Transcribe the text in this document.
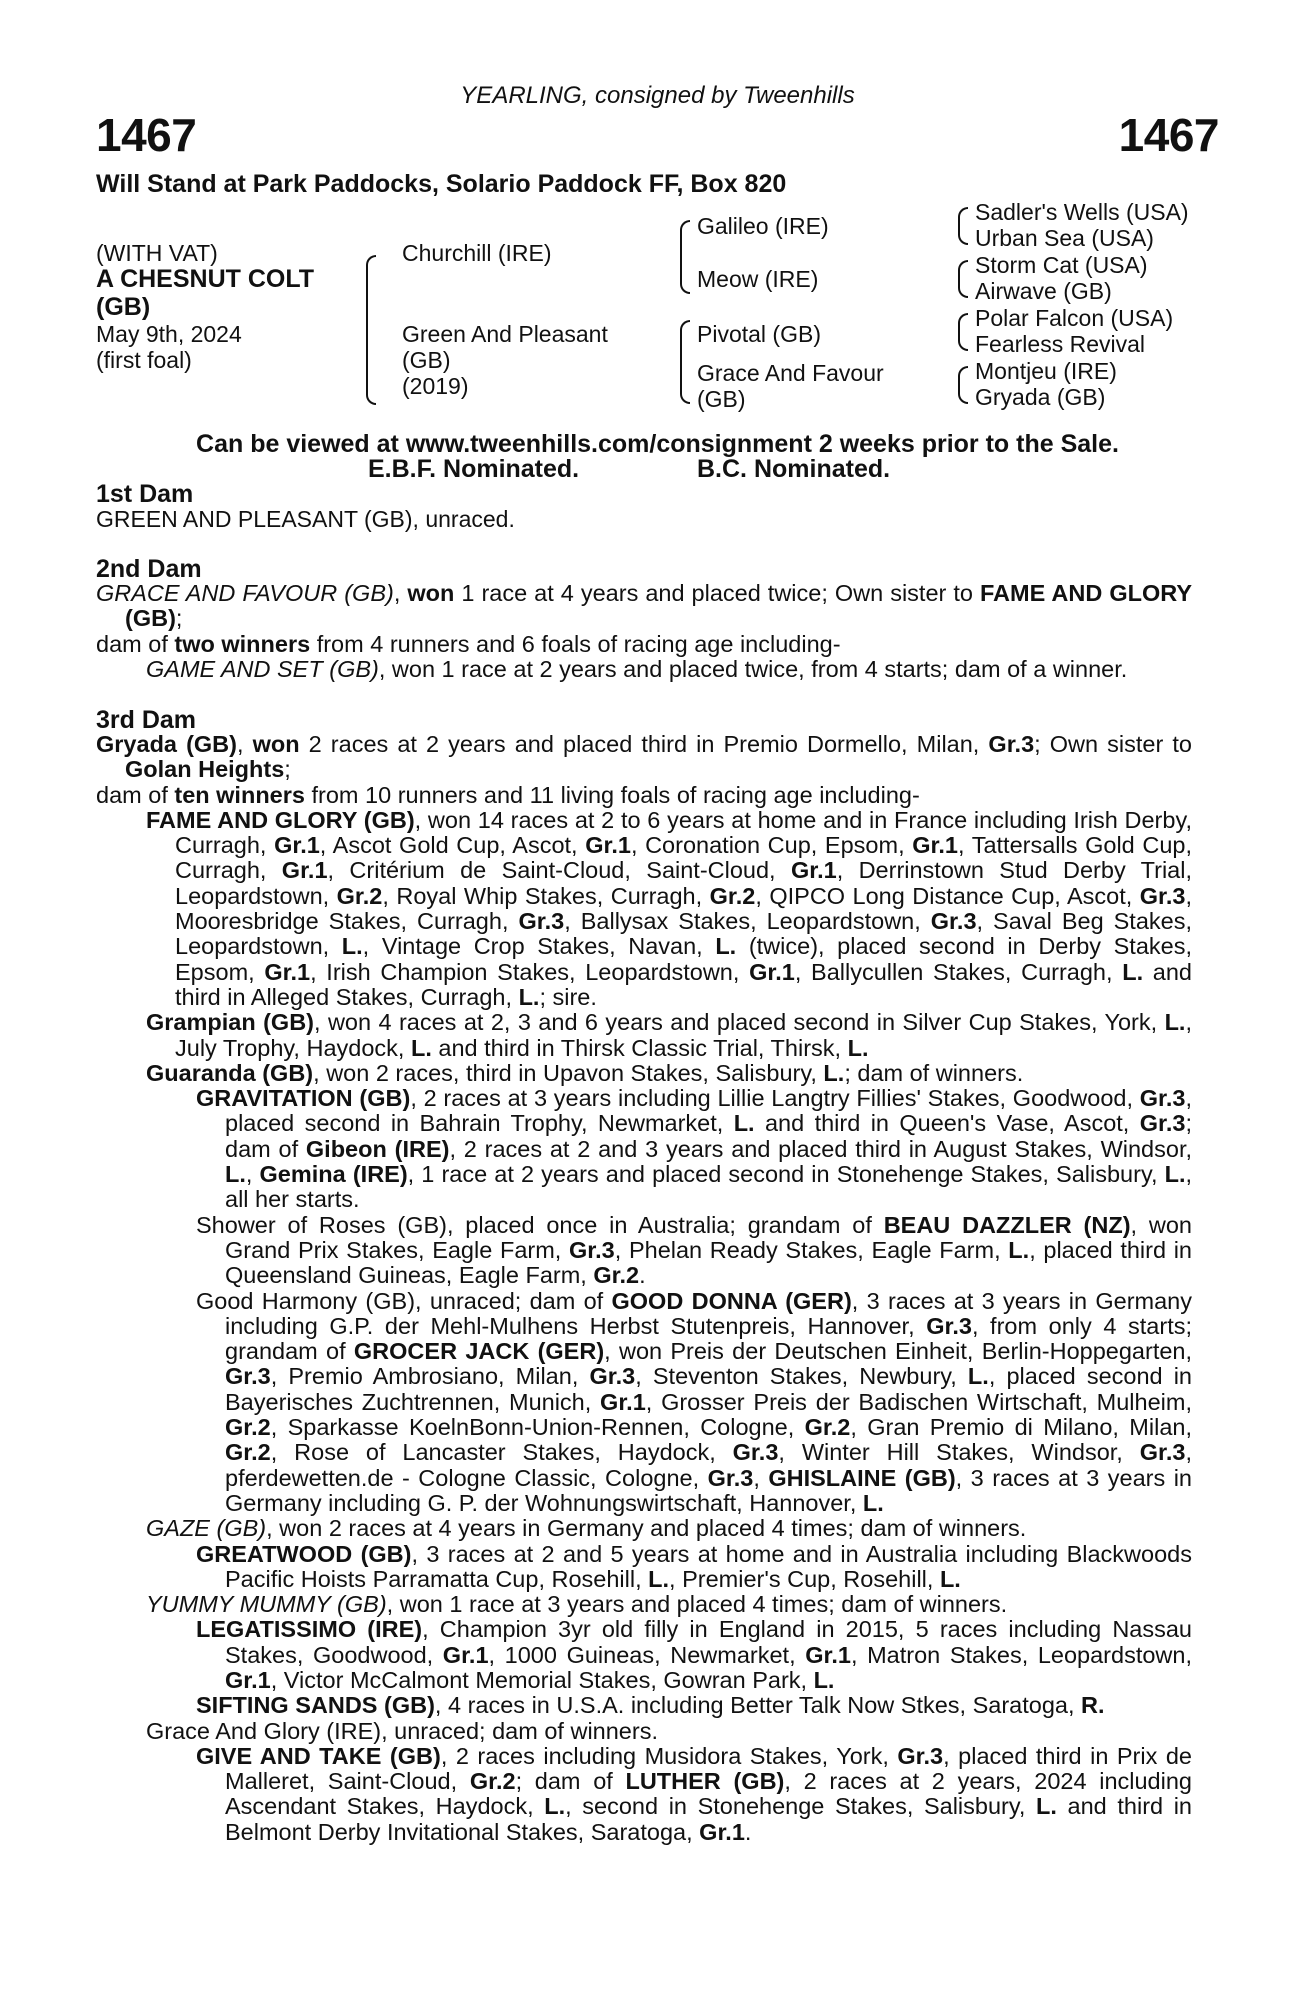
YEARLING, consigned by Tweenhills
1467	1467
Will Stand at Park Paddocks, Solario Paddock FF, Box 820
(WITH VAT)
A CHESNUT COLT
(GB)
May 9th, 2024
(first foal)
Churchill (IRE)
Green And Pleasant
(GB)
(2019)
Galileo (IRE)
Meow (IRE)
Pivotal (GB)
Grace And Favour
(GB)
Sadler's Wells (USA)
Urban Sea (USA)
Storm Cat (USA)
Airwave (GB)
Polar Falcon (USA)
Fearless Revival
Montjeu (IRE)
Gryada (GB)
Can be viewed at www.tweenhills.com/consignment 2 weeks prior to the Sale.
E.B.F. Nominated.	B.C. Nominated.
1st Dam
GREEN AND PLEASANT (GB), unraced.
2nd Dam

GRACE AND FAVOUR (GB), won 1 race at 4 years and placed twice; Own sister to FAME AND GLORY (GB);

dam of two winners from 4 runners and 6 foals of racing age including-

GAME AND SET (GB), won 1 race at 2 years and placed twice, from 4 starts; dam of a winner.

3rd Dam

Gryada (GB), won 2 races at 2 years and placed third in Premio Dormello, Milan, Gr.3; Own sister to Golan Heights;

dam of ten winners from 10 runners and 11 living foals of racing age including-

FAME AND GLORY (GB), won 14 races at 2 to 6 years at home and in France including Irish Derby, Curragh, Gr.1, Ascot Gold Cup, Ascot, Gr.1, Coronation Cup, Epsom, Gr.1, Tattersalls Gold Cup, Curragh, Gr.1, Critérium de Saint-Cloud, Saint-Cloud, Gr.1, Derrinstown Stud Derby Trial, Leopardstown, Gr.2, Royal Whip Stakes, Curragh, Gr.2, QIPCO Long Distance Cup, Ascot, Gr.3, Mooresbridge Stakes, Curragh, Gr.3, Ballysax Stakes, Leopardstown, Gr.3, Saval Beg Stakes, Leopardstown, L., Vintage Crop Stakes, Navan, L. (twice), placed second in Derby Stakes, Epsom, Gr.1, Irish Champion Stakes, Leopardstown, Gr.1, Ballycullen Stakes, Curragh, L. and third in Alleged Stakes, Curragh, L.; sire.

Grampian (GB), won 4 races at 2, 3 and 6 years and placed second in Silver Cup Stakes, York, L., July Trophy, Haydock, L. and third in Thirsk Classic Trial, Thirsk, L.

Guaranda (GB), won 2 races, third in Upavon Stakes, Salisbury, L.; dam of winners.

GRAVITATION (GB), 2 races at 3 years including Lillie Langtry Fillies' Stakes, Goodwood, Gr.3, placed second in Bahrain Trophy, Newmarket, L. and third in Queen's Vase, Ascot, Gr.3; dam of Gibeon (IRE), 2 races at 2 and 3 years and placed third in August Stakes, Windsor, L., Gemina (IRE), 1 race at 2 years and placed second in Stonehenge Stakes, Salisbury, L., all her starts.

Shower of Roses (GB), placed once in Australia; grandam of BEAU DAZZLER (NZ), won Grand Prix Stakes, Eagle Farm, Gr.3, Phelan Ready Stakes, Eagle Farm, L., placed third in Queensland Guineas, Eagle Farm, Gr.2.

Good Harmony (GB), unraced; dam of GOOD DONNA (GER), 3 races at 3 years in Germany including G.P. der Mehl-Mulhens Herbst Stutenpreis, Hannover, Gr.3, from only 4 starts; grandam of GROCER JACK (GER), won Preis der Deutschen Einheit, Berlin-Hoppegarten, Gr.3, Premio Ambrosiano, Milan, Gr.3, Steventon Stakes, Newbury, L., placed second in Bayerisches Zuchtrennen, Munich, Gr.1, Grosser Preis der Badischen Wirtschaft, Mulheim, Gr.2, Sparkasse KoelnBonn-Union-Rennen, Cologne, Gr.2, Gran Premio di Milano, Milan, Gr.2, Rose of Lancaster Stakes, Haydock, Gr.3, Winter Hill Stakes, Windsor, Gr.3, pferdewetten.de - Cologne Classic, Cologne, Gr.3, GHISLAINE (GB), 3 races at 3 years in Germany including G. P. der Wohnungswirtschaft, Hannover, L.

GAZE (GB), won 2 races at 4 years in Germany and placed 4 times; dam of winners.

GREATWOOD (GB), 3 races at 2 and 5 years at home and in Australia including Blackwoods Pacific Hoists Parramatta Cup, Rosehill, L., Premier's Cup, Rosehill, L.

YUMMY MUMMY (GB), won 1 race at 3 years and placed 4 times; dam of winners.

LEGATISSIMO (IRE), Champion 3yr old filly in England in 2015, 5 races including Nassau Stakes, Goodwood, Gr.1, 1000 Guineas, Newmarket, Gr.1, Matron Stakes, Leopardstown, Gr.1, Victor McCalmont Memorial Stakes, Gowran Park, L.

SIFTING SANDS (GB), 4 races in U.S.A. including Better Talk Now Stkes, Saratoga, R.

Grace And Glory (IRE), unraced; dam of winners.

GIVE AND TAKE (GB), 2 races including Musidora Stakes, York, Gr.3, placed third in Prix de Malleret, Saint-Cloud, Gr.2; dam of LUTHER (GB), 2 races at 2 years, 2024 including Ascendant Stakes, Haydock, L., second in Stonehenge Stakes, Salisbury, L. and third in Belmont Derby Invitational Stakes, Saratoga, Gr.1.
